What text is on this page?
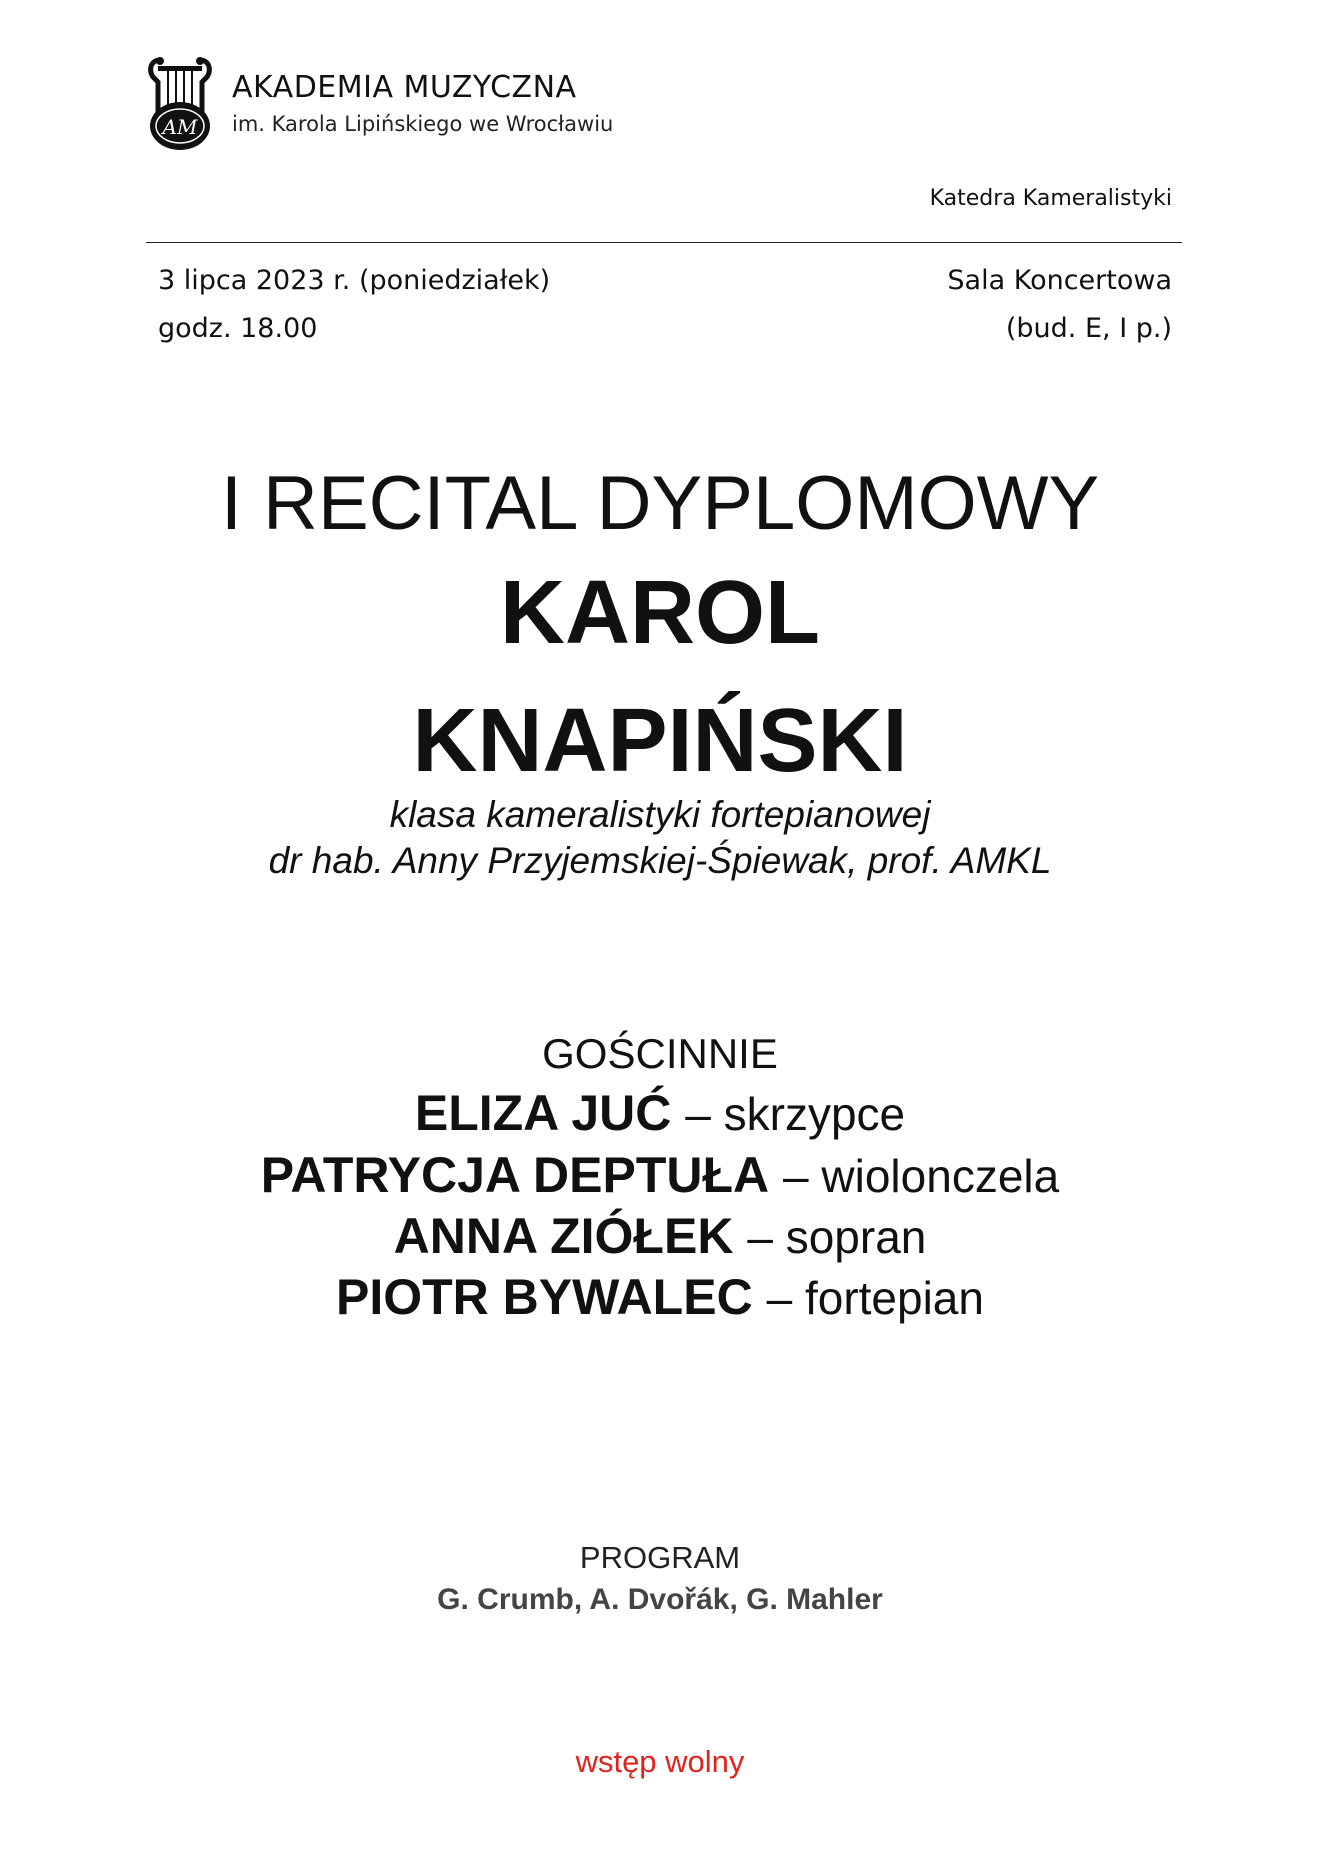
AM
AKADEMIA MUZYCZNA
im. Karola Lipińskiego we Wrocławiu
Katedra Kameralistyki
3 lipca 2023 r. (poniedziałek)
godz. 18.00
Sala Koncertowa
(bud. E, I p.)
I RECITAL DYPLOMOWY
KAROL
KNAPIŃSKI
klasa kameralistyki fortepianowej
dr hab. Anny Przyjemskiej-Śpiewak, prof. AMKL
GOŚCINNIE
ELIZA JUĆ – skrzypce
PATRYCJA DEPTUŁA – wiolonczela
ANNA ZIÓŁEK – sopran
PIOTR BYWALEC – fortepian
PROGRAM
G. Crumb, A. Dvořák, G. Mahler
wstęp wolny
